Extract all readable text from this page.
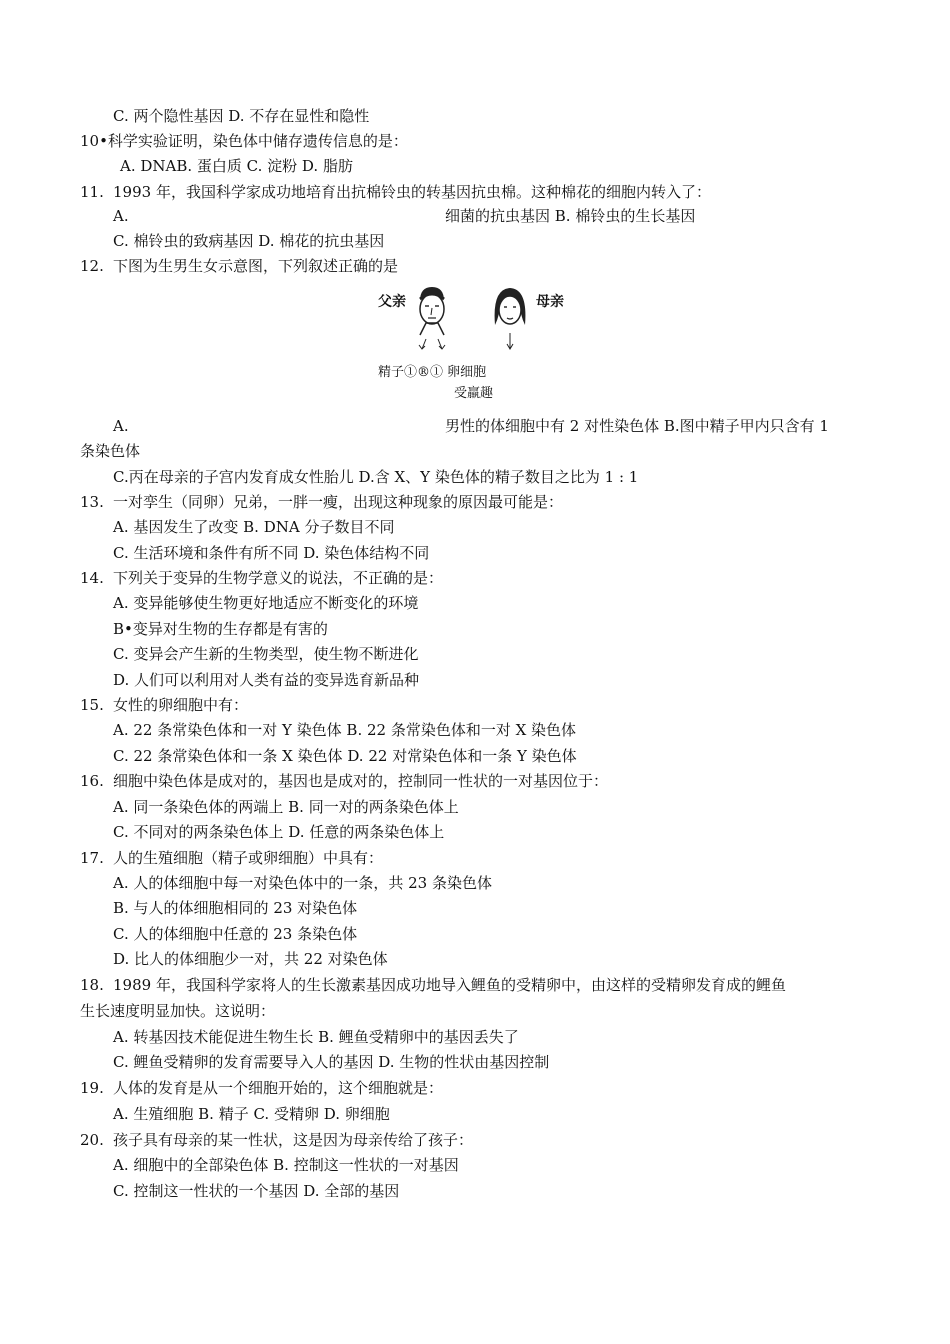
C. 两个隐性基因 D. 不存在显性和隐性
10•科学实验证明，染色体中储存遗传信息的是：
A. DNAB. 蛋白质 C. 淀粉 D. 脂肪
11. 1993 年，我国科学家成功地培育出抗棉铃虫的转基因抗虫棉。这种棉花的细胞内转入了：
A.	细菌的抗虫基因 B. 棉铃虫的生长基因
C. 棉铃虫的致病基因 D. 棉花的抗虫基因
12. 下图为生男生女示意图，下列叙述正确的是
父亲	母亲
精子①®① 卵细胞
受羸趣
A.	男性的体细胞中有 2 对性染色体 B.图中精子甲内只含有 1
条染色体
C.丙在母亲的子宫内发育成女性胎儿 D.含 X、Y 染色体的精子数目之比为 1 : 1
13. 一对孪生（同卵）兄弟，一胖一瘦，出现这种现象的原因最可能是：
A. 基因发生了改变 B. DNA 分子数目不同
C. 生活环境和条件有所不同 D. 染色体结构不同
14. 下列关于变异的生物学意义的说法，不正确的是：
A. 变异能够使生物更好地适应不断变化的环境
B•变异对生物的生存都是有害的
C. 变异会产生新的生物类型，使生物不断进化
D. 人们可以利用对人类有益的变异选育新品种
15. 女性的卵细胞中有：
A. 22 条常染色体和一对 Y 染色体 B. 22 条常染色体和一对 X 染色体
C. 22 条常染色体和一条 X 染色体 D. 22 对常染色体和一条 Y 染色体
16. 细胞中染色体是成对的，基因也是成对的，控制同一性状的一对基因位于：
A. 同一条染色体的两端上 B. 同一对的两条染色体上
C. 不同对的两条染色体上 D. 任意的两条染色体上
17. 人的生殖细胞（精子或卵细胞）中具有：
A. 人的体细胞中每一对染色体中的一条，共 23 条染色体
B. 与人的体细胞相同的 23 对染色体
C. 人的体细胞中任意的 23 条染色体
D. 比人的体细胞少一对，共 22 对染色体
18. 1989 年，我国科学家将人的生长激素基因成功地导入鲤鱼的受精卵中，由这样的受精卵发育成的鲤鱼
生长速度明显加快。这说明：
A. 转基因技术能促进生物生长 B. 鲤鱼受精卵中的基因丢失了
C. 鲤鱼受精卵的发育需要导入人的基因 D. 生物的性状由基因控制
19. 人体的发育是从一个细胞开始的，这个细胞就是：
A. 生殖细胞 B. 精子 C. 受精卵 D. 卵细胞
20. 孩子具有母亲的某一性状，这是因为母亲传给了孩子：
A. 细胞中的全部染色体 B. 控制这一性状的一对基因
C. 控制这一性状的一个基因 D. 全部的基因
